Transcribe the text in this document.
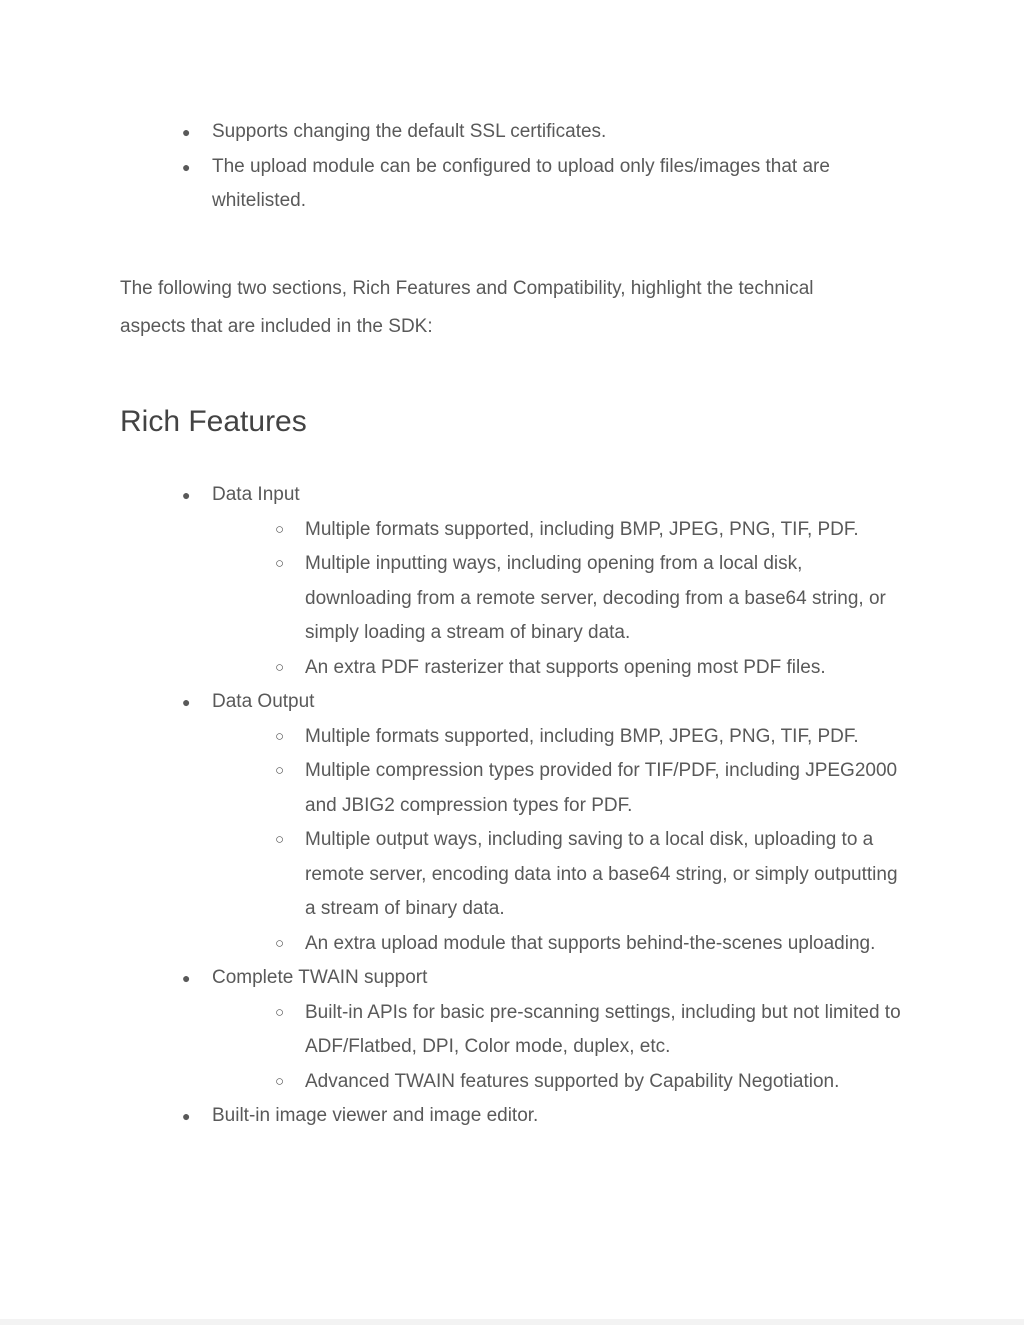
● Supports changing the default SSL certificates.
● The upload module can be configured to upload only files/images that are whitelisted.

The following two sections, Rich Features and Compatibility, highlight the technical aspects that are included in the SDK:

Rich Features
● Data Input
○ Multiple formats supported, including BMP, JPEG, PNG, TIF, PDF.
○ Multiple inputting ways, including opening from a local disk, downloading from a remote server, decoding from a base64 string, or simply loading a stream of binary data.
○ An extra PDF rasterizer that supports opening most PDF files.
● Data Output
○ Multiple formats supported, including BMP, JPEG, PNG, TIF, PDF.
○ Multiple compression types provided for TIF/PDF, including JPEG2000 and JBIG2 compression types for PDF.
○ Multiple output ways, including saving to a local disk, uploading to a remote server, encoding data into a base64 string, or simply outputting a stream of binary data.
○ An extra upload module that supports behind-the-scenes uploading.
● Complete TWAIN support
○ Built-in APIs for basic pre-scanning settings, including but not limited to ADF/Flatbed, DPI, Color mode, duplex, etc.
○ Advanced TWAIN features supported by Capability Negotiation.
● Built-in image viewer and image editor.
